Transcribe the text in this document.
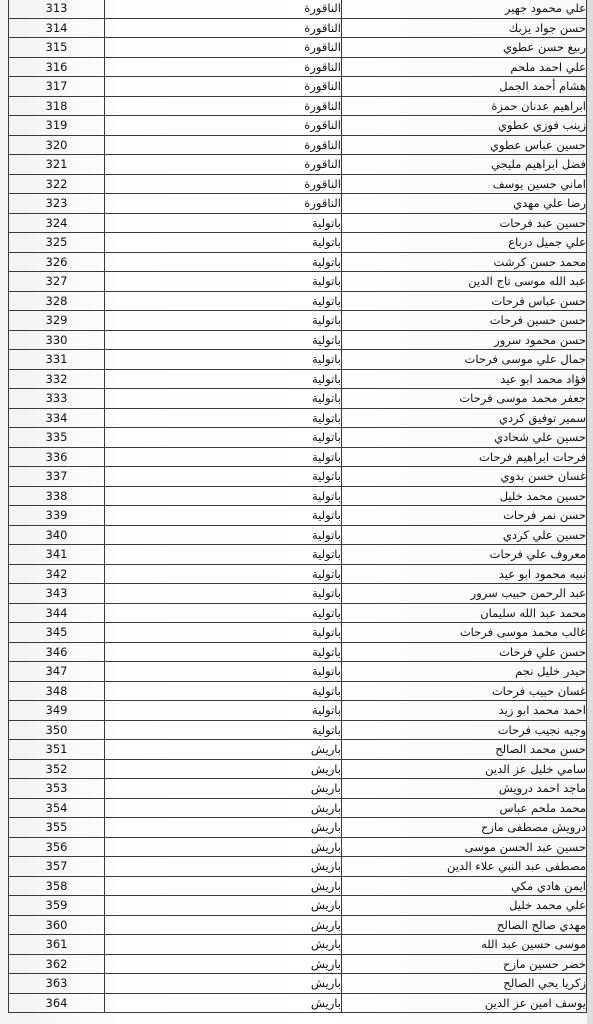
313	الناقورة	علي محمود جهير
314	الناقورة	حسن جواد يزبك
315	الناقورة	ربيع حسن عطوي
316	الناقورة	علي احمد ملحم
317	الناقورة	هشام أحمد الجمل
318	الناقورة	ابراهيم عدنان حمزة
319	الناقورة	زينب فوزي عطوي
320	الناقورة	حسين عباس عطوي
321	الناقورة	فضل ابراهيم مليجي
322	الناقورة	اماني حسين يوسف
323	الناقورة	رضا علي مهدي
324	باتولية	حسين عبد فرحات
325	باتولية	علي جميل درباع
326	باتولية	محمد حسن كرشت
327	باتولية	عبد الله موسى تاج الدين
328	باتولية	حسن عباس فرحات
329	باتولية	حسن حسين فرحات
330	باتولية	حسن محمود سرور
331	باتولية	جمال علي موسى فرحات
332	باتولية	فؤاد محمد ابو عيد
333	باتولية	جعفر محمد موسى فرحات
334	باتولية	سمير توفيق كردي
335	باتولية	حسين علي شحادي
336	باتولية	فرحات ابراهيم فرحات
337	باتولية	غسان حسن بدوي
338	باتولية	حسين محمد خليل
339	باتولية	حسن نمر فرحات
340	باتولية	حسين علي كردي
341	باتولية	معروف علي فرحات
342	باتولية	نبيه محمود ابو عيد
343	باتولية	عبد الرحمن حبيب سرور
344	باتولية	محمد عبد الله سليمان
345	باتولية	غالب محمد موسى فرحات
346	باتولية	حسن علي فرحات
347	باتولية	حيدر خليل نجم
348	باتولية	غسان حبيب فرحات
349	باتولية	احمد محمد ابو زيد
350	باتولية	وجيه نجيب فرحات
351	باريش	حسن محمد الصالح
352	باريش	سامي خليل عز الدين
353	باريش	ماجد احمد درويش
354	باريش	محمد ملحم عباس
355	باريش	درويش مصطفى مازح
356	باريش	حسين عبد الحسن موسى
357	باريش	مصطفى عبد النبي علاء الدين
358	باريش	ايمن هادي مكي
359	باريش	علي محمد خليل
360	باريش	مهدي صالح الصالح
361	باريش	موسى حسين عبد الله
362	باريش	خضر حسين مازح
363	باريش	زكريا يحي الصالح
364	باريش	يوسف امين عز الدين
